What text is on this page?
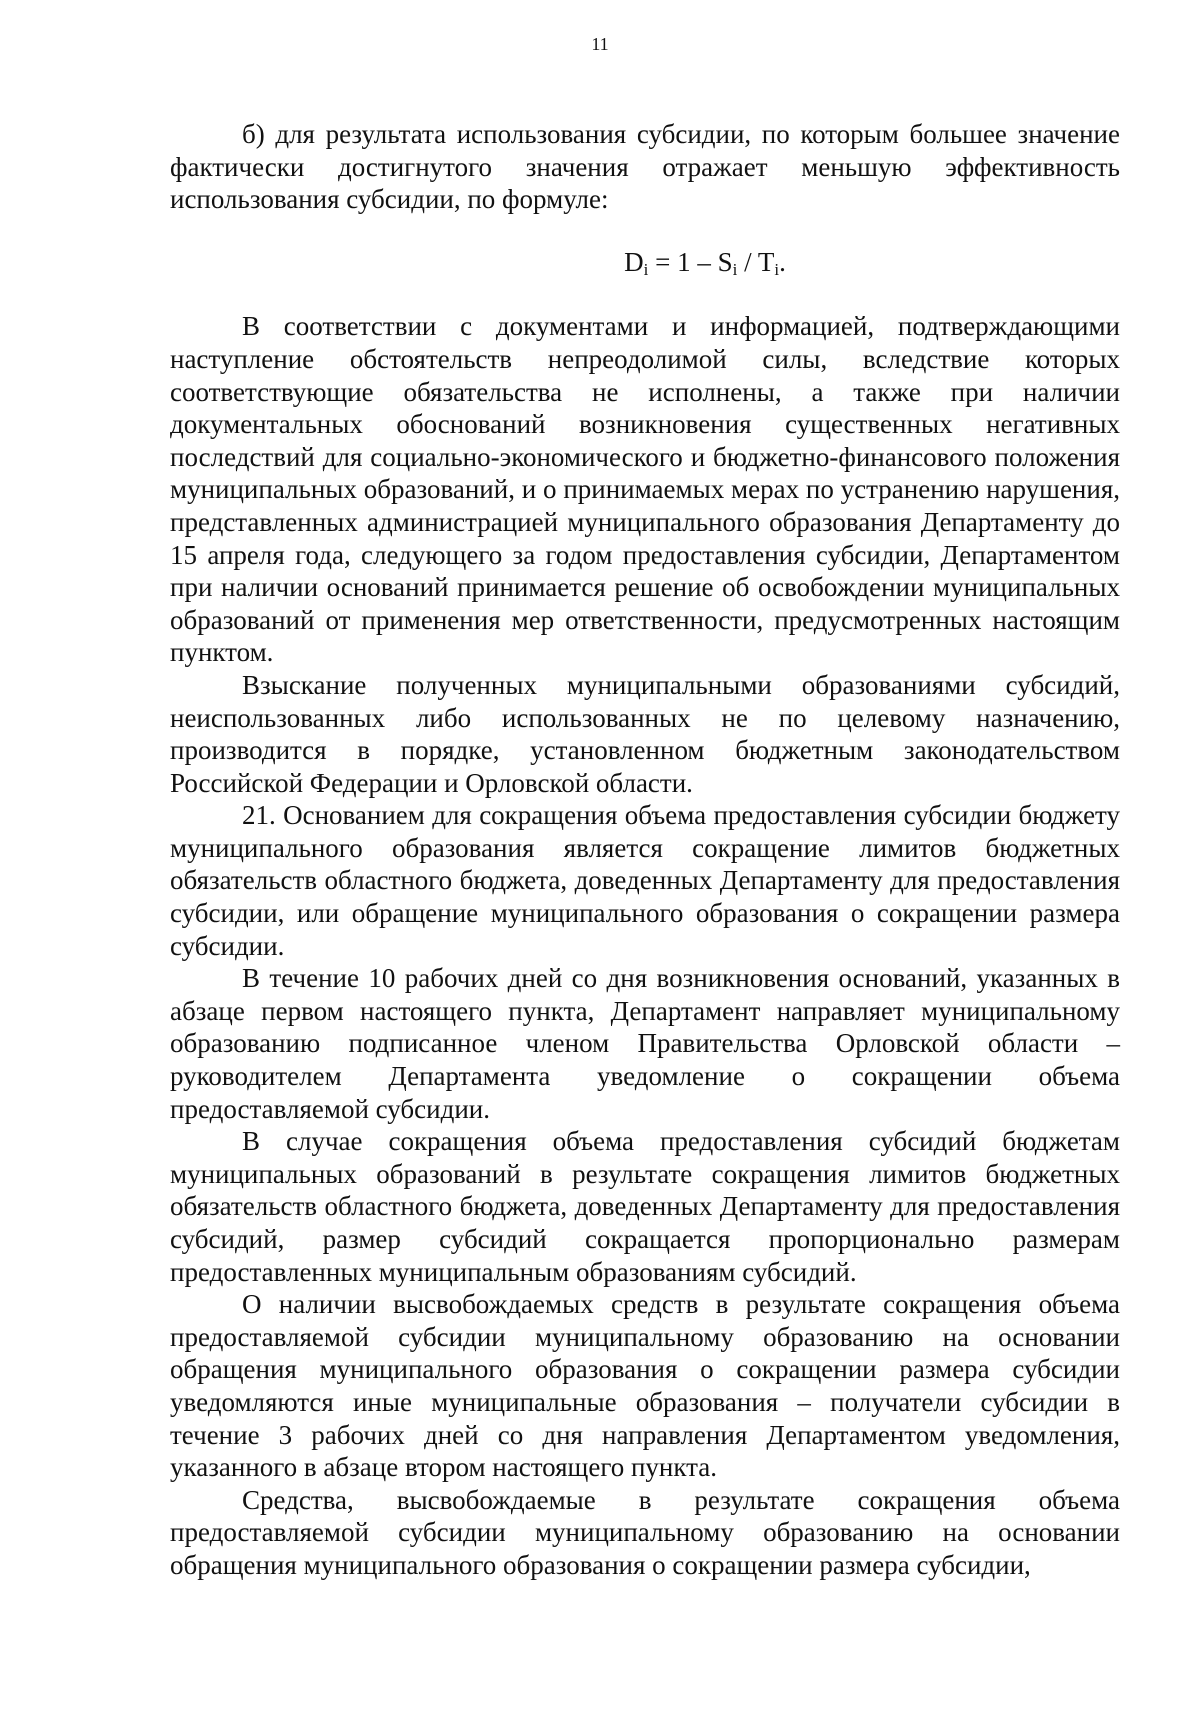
11

б) для результата использования субсидии, по которым большее значение фактически достигнутого значения отражает меньшую эффективность использования субсидии, по формуле:

$D_i = 1 - S_i / T_i$.

В соответствии с документами и информацией, подтверждающими наступление обстоятельств непреодолимой силы, вследствие которых соответствующие обязательства не исполнены, а также при наличии документальных обоснований возникновения существенных негативных последствий для социально-экономического и бюджетно-финансового положения муниципальных образований, и о принимаемых мерах по устранению нарушения, представленных администрацией муниципального образования Департаменту до 15 апреля года, следующего за годом предоставления субсидии, Департаментом при наличии оснований принимается решение об освобождении муниципальных образований от применения мер ответственности, предусмотренных настоящим пунктом.

Взыскание полученных муниципальными образованиями субсидий, неиспользованных либо использованных не по целевому назначению, производится в порядке, установленном бюджетным законодательством Российской Федерации и Орловской области.

21. Основанием для сокращения объема предоставления субсидии бюджету муниципального образования является сокращение лимитов бюджетных обязательств областного бюджета, доведенных Департаменту для предоставления субсидии, или обращение муниципального образования о сокращении размера субсидии.

В течение 10 рабочих дней со дня возникновения оснований, указанных в абзаце первом настоящего пункта, Департамент направляет муниципальному образованию подписанное членом Правительства Орловской области – руководителем Департамента уведомление о сокращении объема предоставляемой субсидии.

В случае сокращения объема предоставления субсидий бюджетам муниципальных образований в результате сокращения лимитов бюджетных обязательств областного бюджета, доведенных Департаменту для предоставления субсидий, размер субсидий сокращается пропорционально размерам предоставленных муниципальным образованиям субсидий.

О наличии высвобождаемых средств в результате сокращения объема предоставляемой субсидии муниципальному образованию на основании обращения муниципального образования о сокращении размера субсидии уведомляются иные муниципальные образования – получатели субсидии в течение 3 рабочих дней со дня направления Департаментом уведомления, указанного в абзаце втором настоящего пункта.

Средства, высвобождаемые в результате сокращения объема предоставляемой субсидии муниципальному образованию на основании обращения муниципального образования о сокращении размера субсидии,
